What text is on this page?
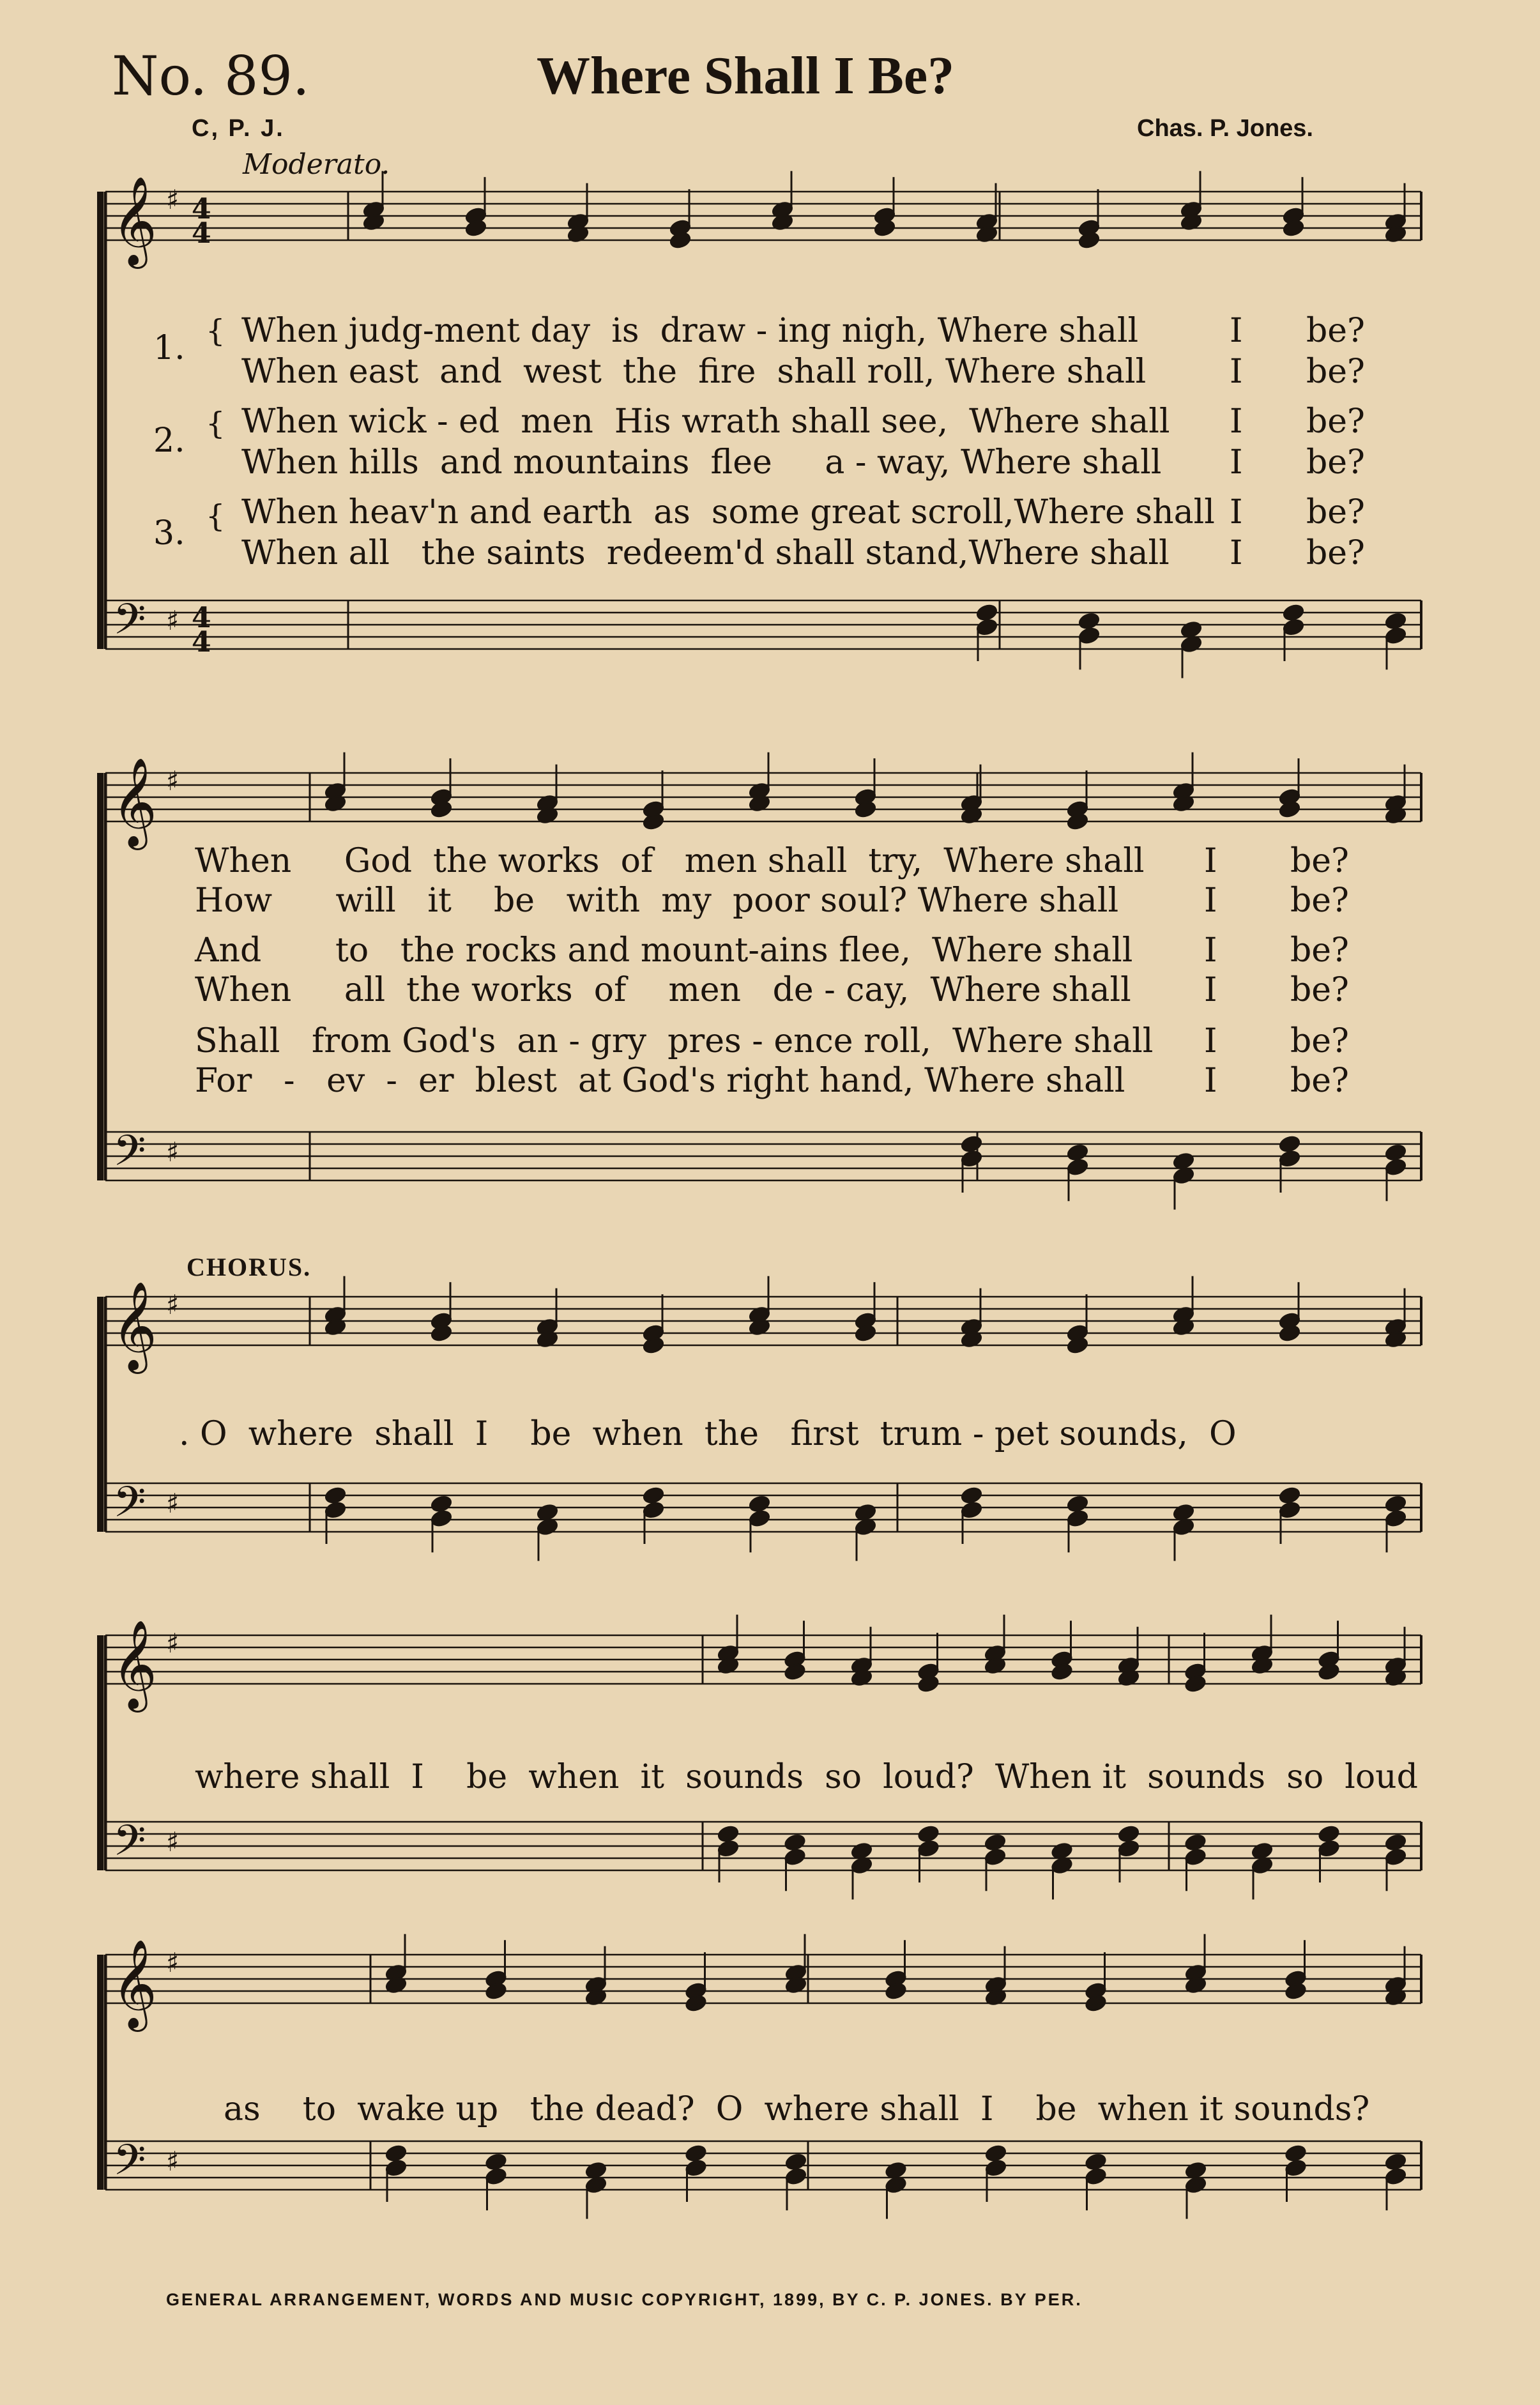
No. 89.	Where Shall I Be?
C, P. J.	Chas. P. Jones.
Moderato.
𝄞
𝄢
♯
♯
𝄞
𝄢
♯
♯
𝄞
𝄢
♯
♯
𝄞
𝄢
♯
♯
𝄞
𝄢
♯
♯
4
4
4
4
1. { When judg-ment day  is  draw - ing nigh, Where shall
When east  and  west  the  fire  shall roll, Where shall
2. { When wick - ed  men  His wrath shall see,  Where shall
When hills  and mountains  flee     a - way, Where shall
3. { When heav'n and earth  as  some great scroll,Where shall
When all   the saints  redeem'd shall stand,Where shall
I be?
I be?
I be?
I be?
I be?
I be?
When     God  the works  of   men shall  try,  Where shall
How      will   it    be   with  my  poor soul? Where shall
And       to   the rocks and mount-ains flee,  Where shall
When     all  the works  of    men   de - cay,  Where shall
Shall   from God's  an - gry  pres - ence roll,  Where shall
For   -   ev  -  er  blest  at God's right hand, Where shall
I be?
I be?
I be?
I be?
I be?
I be?
CHORUS.
. O  where  shall  I    be  when  the   first  trum - pet sounds,  O
where shall  I    be  when  it  sounds  so  loud?  When it  sounds  so  loud
as    to  wake up   the dead?  O  where shall  I    be  when it sounds?
GENERAL ARRANGEMENT, WORDS AND MUSIC COPYRIGHT, 1899, BY C. P. JONES. BY PER.
